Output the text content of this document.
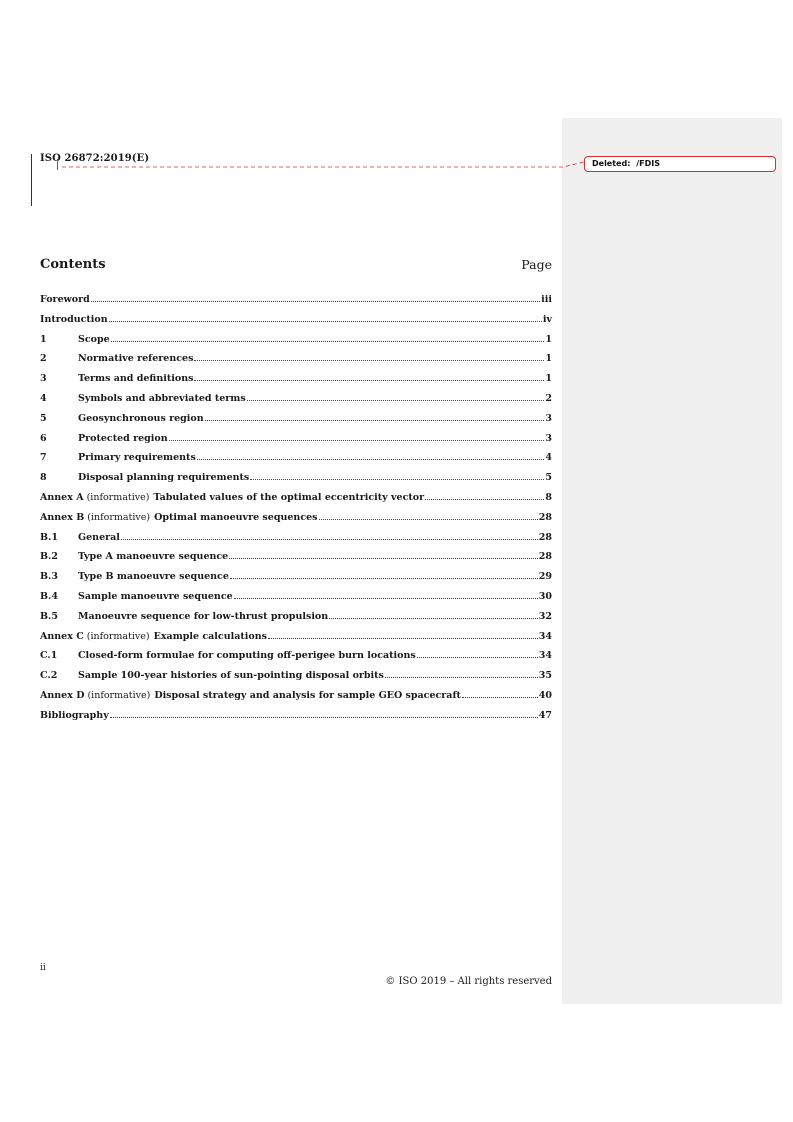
ISO 26872:2019(E)	Deleted: /FDIS
Contents	Page
Foreword	iii
Introduction	iv
1	Scope	1
2	Normative references	1
3	Terms and definitions	1
4	Symbols and abbreviated terms	2
5	Geosynchronous region	3
6	Protected region	3
7	Primary requirements	4
8	Disposal planning requirements	5
Annex A (informative) Tabulated values of the optimal eccentricity vector	8
Annex B (informative) Optimal manoeuvre sequences	28
B.1	General	28
B.2	Type A manoeuvre sequence	28
B.3	Type B manoeuvre sequence	29
B.4	Sample manoeuvre sequence	30
B.5	Manoeuvre sequence for low-thrust propulsion	32
Annex C (informative) Example calculations	34
C.1	Closed-form formulae for computing off-perigee burn locations	34
C.2	Sample 100-year histories of sun-pointing disposal orbits	35
Annex D (informative) Disposal strategy and analysis for sample GEO spacecraft	40
Bibliography	47
ii
© ISO 2019 – All rights reserved
